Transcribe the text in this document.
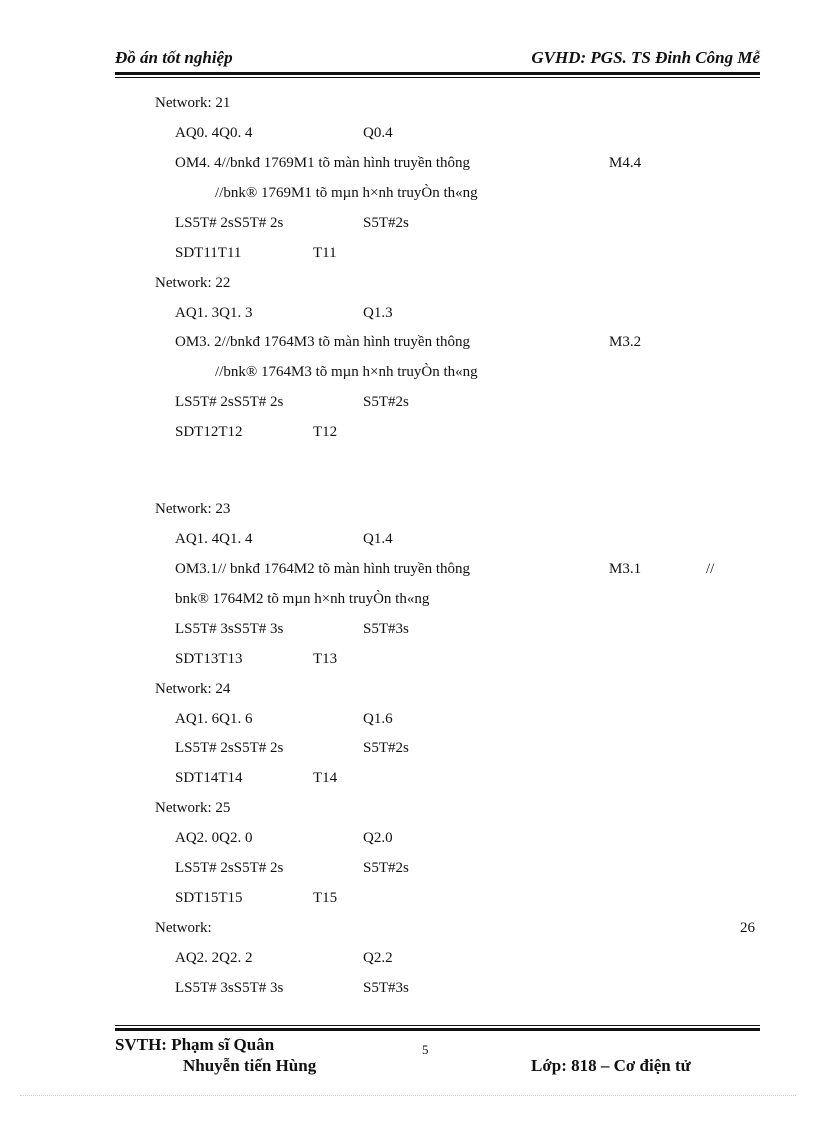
Đồ án tốt nghiệp	GVHD: PGS. TS Đinh Công Mễ
Network: 21
AQ0. 4Q0. 4	Q0.4
OM4. 4//bnkđ 1769M1 tõ màn hình truyền thông	M4.4
//bnk® 1769M1 tõ mµn h×nh truyÒn th«ng
LS5T# 2sS5T# 2s	S5T#2s
SDT11T11	T11
Network: 22
AQ1. 3Q1. 3	Q1.3
OM3. 2//bnkđ 1764M3 tõ màn hình truyền thông	M3.2
//bnk® 1764M3 tõ mµn h×nh truyÒn th«ng
LS5T# 2sS5T# 2s	S5T#2s
SDT12T12	T12
Network: 23
AQ1. 4Q1. 4	Q1.4
OM3.1// bnkđ 1764M2 tõ màn hình truyền thông	M3.1	//
bnk® 1764M2 tõ mµn h×nh truyÒn th«ng
LS5T# 3sS5T# 3s	S5T#3s
SDT13T13	T13
Network: 24
AQ1. 6Q1. 6	Q1.6
LS5T# 2sS5T# 2s	S5T#2s
SDT14T14	T14
Network: 25
AQ2. 0Q2. 0	Q2.0
LS5T# 2sS5T# 2s	S5T#2s
SDT15T15	T15
Network:	26
AQ2. 2Q2. 2	Q2.2
LS5T# 3sS5T# 3s	S5T#3s
SVTH: Phạm sĩ Quân
Nhuyễn tiến Hùng
5
Lớp: 818 – Cơ điện tử
